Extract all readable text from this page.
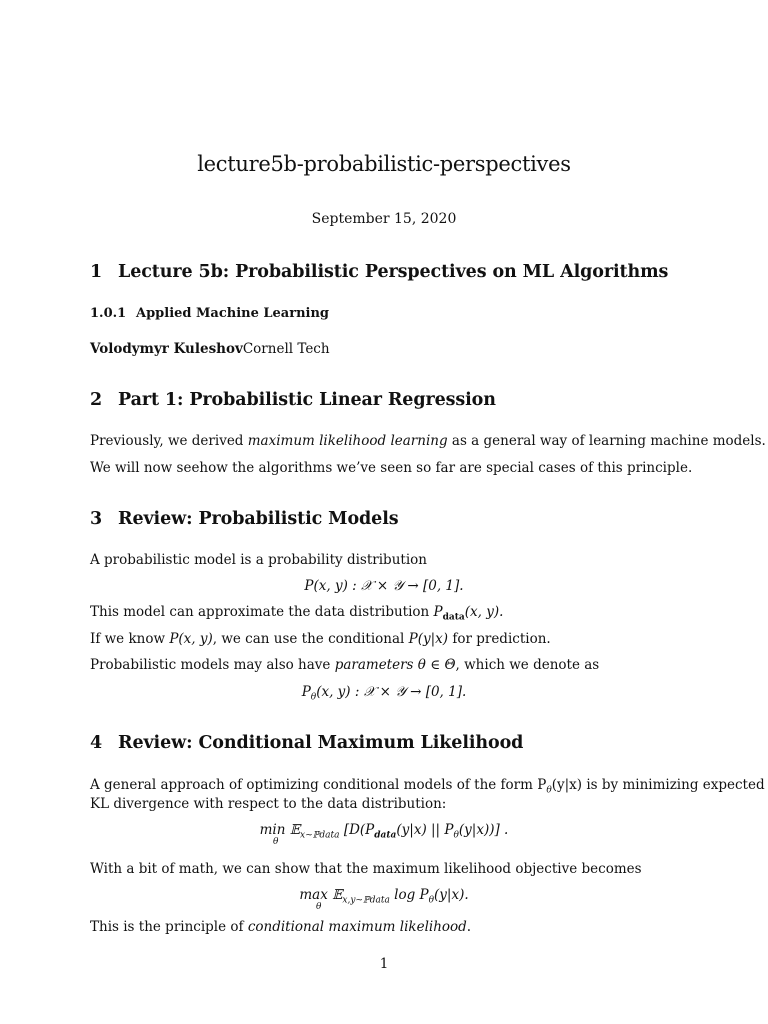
lecture5b-probabilistic-perspectives
September 15, 2020
1 Lecture 5b: Probabilistic Perspectives on ML Algorithms
1.0.1 Applied Machine Learning
Volodymyr KuleshovCornell Tech
2 Part 1: Probabilistic Linear Regression
Previously, we derived maximum likelihood learning as a general way of learning machine models.
We will now seehow the algorithms we’ve seen so far are special cases of this principle.
3 Review: Probabilistic Models
A probabilistic model is a probability distribution
P(x, y) : 𝒳 × 𝒴 → [0, 1].
This model can approximate the data distribution $P_{data}(x$, y).
If we know P(x, y), we can use the conditional P(y|x) for prediction.
Probabilistic models may also have parameters θ ∈ Θ, which we denote as
$P_\theta(x$, y) : 𝒳 × 𝒴 → [0, 1].
4 Review: Conditional Maximum Likelihood
A general approach of optimizing conditional models of the form $P_\theta(y|x)$ is by minimizing expected
KL divergence with respect to the data distribution:
min 𝔼$_{x\sim ℙdata}$ [$D(P_{data}(y|x)$ || $P_\theta(y|x)$)] .
θ
With a bit of math, we can show that the maximum likelihood objective becomes
max 𝔼$_{x,y\sim ℙdata}$ $\log P_\theta(y|x)$.
θ
This is the principle of conditional maximum likelihood.
1
